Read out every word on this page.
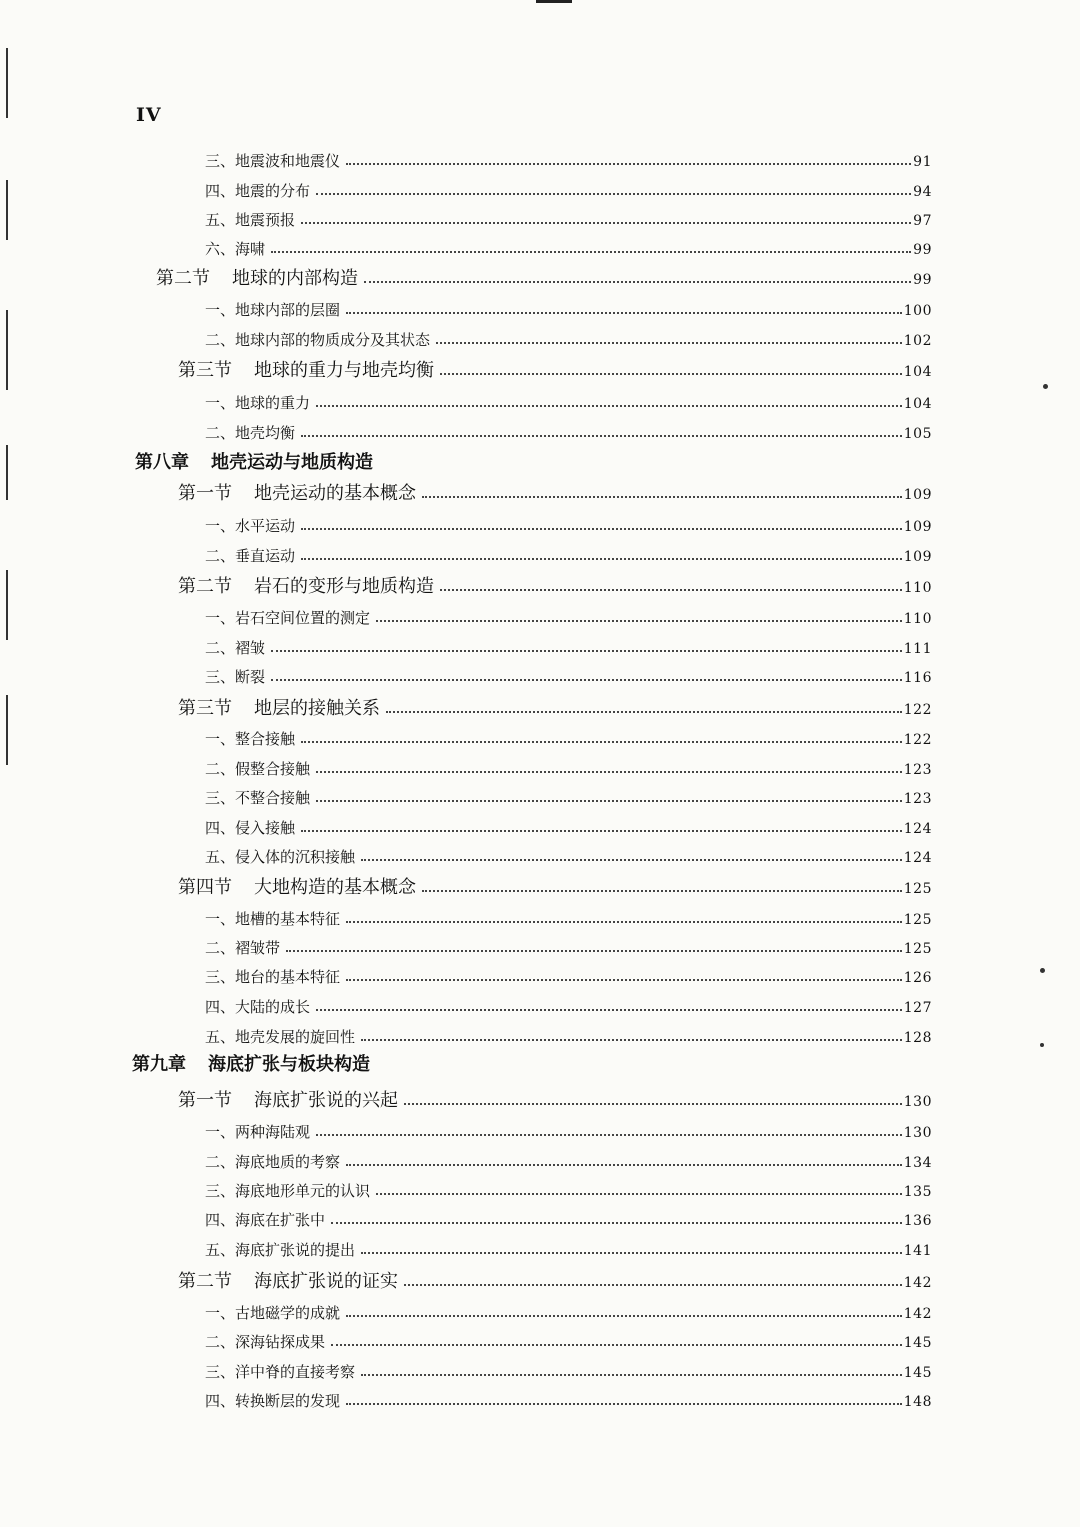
IV
三、地震波和地震仪	91
四、地震的分布	94
五、地震预报	97
六、海啸	99
第二节 地球的内部构造	99
一、地球内部的层圈	100
二、地球内部的物质成分及其状态	102
第三节 地球的重力与地壳均衡	104
一、地球的重力	104
二、地壳均衡	105
第八章 地壳运动与地质构造
第一节 地壳运动的基本概念	109
一、水平运动	109
二、垂直运动	109
第二节 岩石的变形与地质构造	110
一、岩石空间位置的测定	110
二、褶皱	111
三、断裂	116
第三节 地层的接触关系	122
一、整合接触	122
二、假整合接触	123
三、不整合接触	123
四、侵入接触	124
五、侵入体的沉积接触	124
第四节 大地构造的基本概念	125
一、地槽的基本特征	125
二、褶皱带	125
三、地台的基本特征	126
四、大陆的成长	127
五、地壳发展的旋回性	128
第九章 海底扩张与板块构造
第一节 海底扩张说的兴起	130
一、两种海陆观	130
二、海底地质的考察	134
三、海底地形单元的认识	135
四、海底在扩张中	136
五、海底扩张说的提出	141
第二节 海底扩张说的证实	142
一、古地磁学的成就	142
二、深海钻探成果	145
三、洋中脊的直接考察	145
四、转换断层的发现	148
